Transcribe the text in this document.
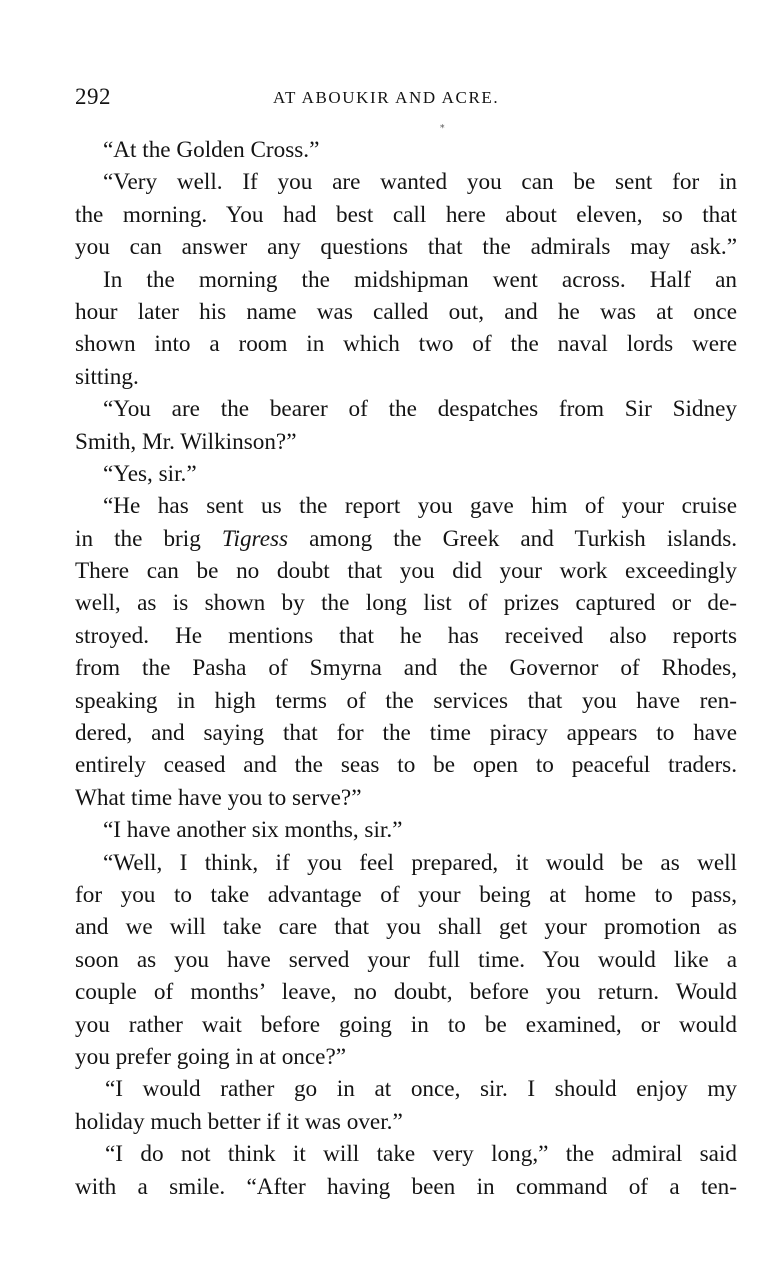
292	AT ABOUKIR AND ACRE.
*
“At the Golden Cross.”
“Very well. If you are wanted you can be sent for in
the morning. You had best call here about eleven, so that
you can answer any questions that the admirals may ask.”
In the morning the midshipman went across. Half an
hour later his name was called out, and he was at once
shown into a room in which two of the naval lords were
sitting.
“You are the bearer of the despatches from Sir Sidney
Smith, Mr. Wilkinson?”
“Yes, sir.”
“He has sent us the report you gave him of your cruise
in the brig Tigress among the Greek and Turkish islands.
There can be no doubt that you did your work exceedingly
well, as is shown by the long list of prizes captured or de-
stroyed. He mentions that he has received also reports
from the Pasha of Smyrna and the Governor of Rhodes,
speaking in high terms of the services that you have ren-
dered, and saying that for the time piracy appears to have
entirely ceased and the seas to be open to peaceful traders.
What time have you to serve?”
“I have another six months, sir.”
“Well, I think, if you feel prepared, it would be as well
for you to take advantage of your being at home to pass,
and we will take care that you shall get your promotion as
soon as you have served your full time. You would like a
couple of months’ leave, no doubt, before you return. Would
you rather wait before going in to be examined, or would
you prefer going in at once?”
“I would rather go in at once, sir. I should enjoy my
holiday much better if it was over.”
“I do not think it will take very long,” the admiral said
with a smile. “After having been in command of a ten-
